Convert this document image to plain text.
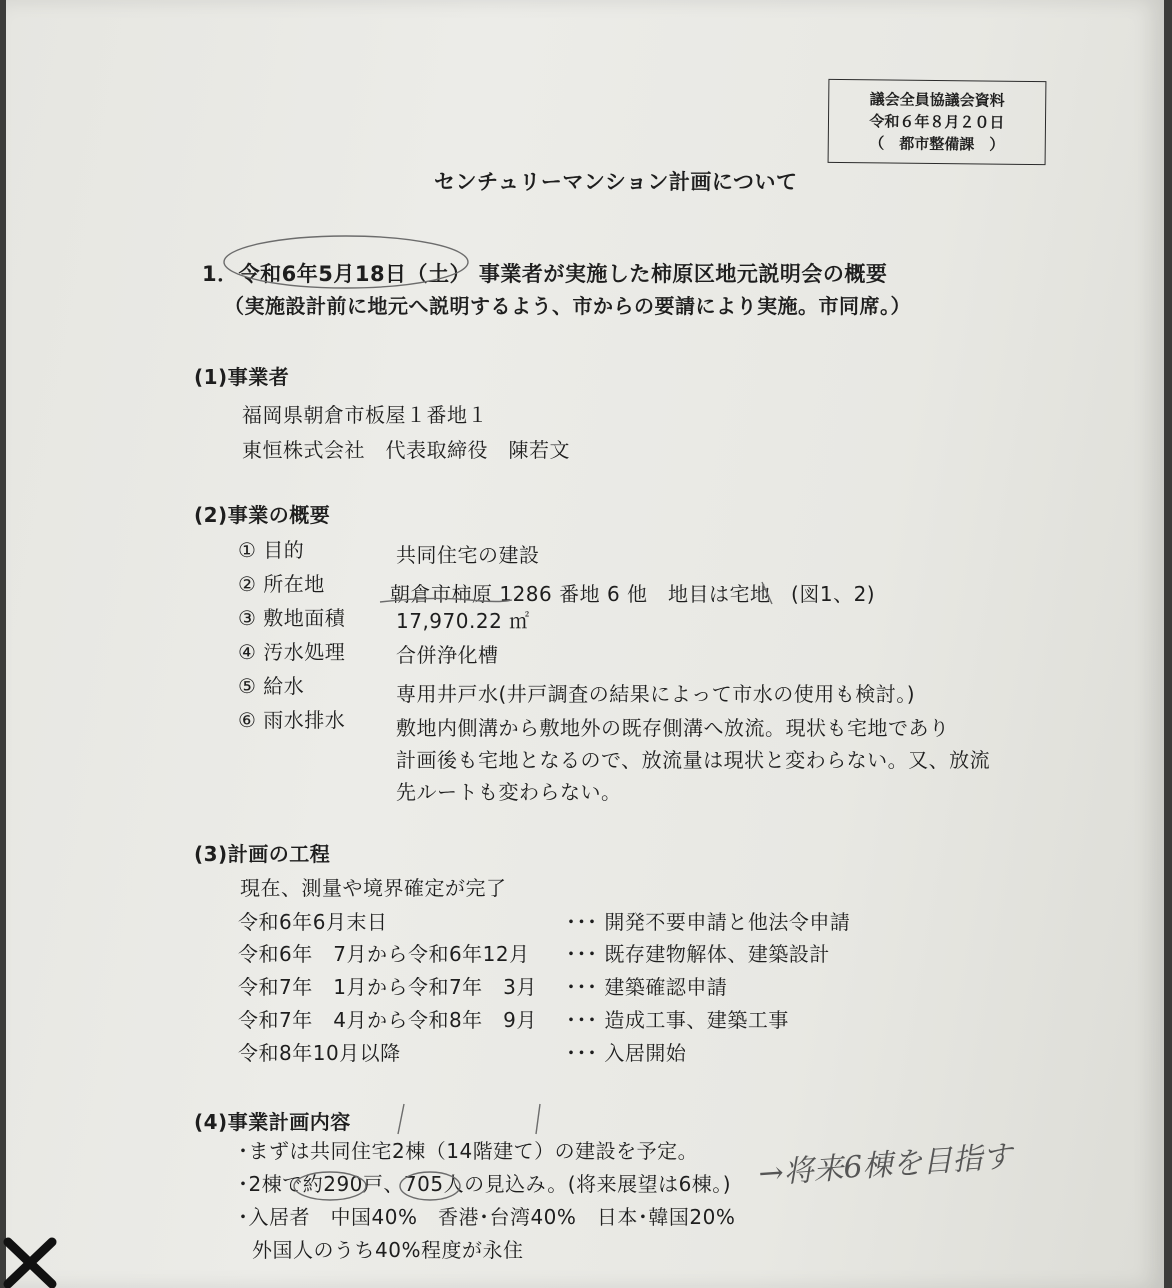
議会全員協議会資料
令和６年８月２０日
（　都市整備課　）
センチュリーマンション計画について
1．令和6年5月18日（土） 事業者が実施した柿原区地元説明会の概要
（実施設計前に地元へ説明するよう、市からの要請により実施。市同席。）
(1)事業者
福岡県朝倉市板屋１番地１
東恒株式会社　代表取締役　陳若文
(2)事業の概要
① 目的	共同住宅の建設
② 所在地	朝倉市柿原 1286 番地 6 他　地目は宅地　(図1、2)
③ 敷地面積	17,970.22 ㎡
④ 汚水処理	合併浄化槽
⑤ 給水	専用井戸水(井戸調査の結果によって市水の使用も検討。)
⑥ 雨水排水	敷地内側溝から敷地外の既存側溝へ放流。現状も宅地であり
計画後も宅地となるので、放流量は現状と変わらない。又、放流
先ルートも変わらない。
(3)計画の工程
現在、測量や境界確定が完了
令和6年6月末日	･･･ 開発不要申請と他法令申請
令和6年　7月から令和6年12月 ･･･ 既存建物解体、建築設計
令和7年　1月から令和7年　3月 ･･･ 建築確認申請
令和7年　4月から令和8年　9月 ･･･ 造成工事、建築工事
令和8年10月以降	･･･ 入居開始
(4)事業計画内容
･まずは共同住宅2棟（14階建て）の建設を予定。
･2棟で約290戸、705人の見込み。(将来展望は6棟。)
･入居者　中国40%　香港･台湾40%　日本･韓国20%
外国人のうち40%程度が永住
→将来6棟を目指す
